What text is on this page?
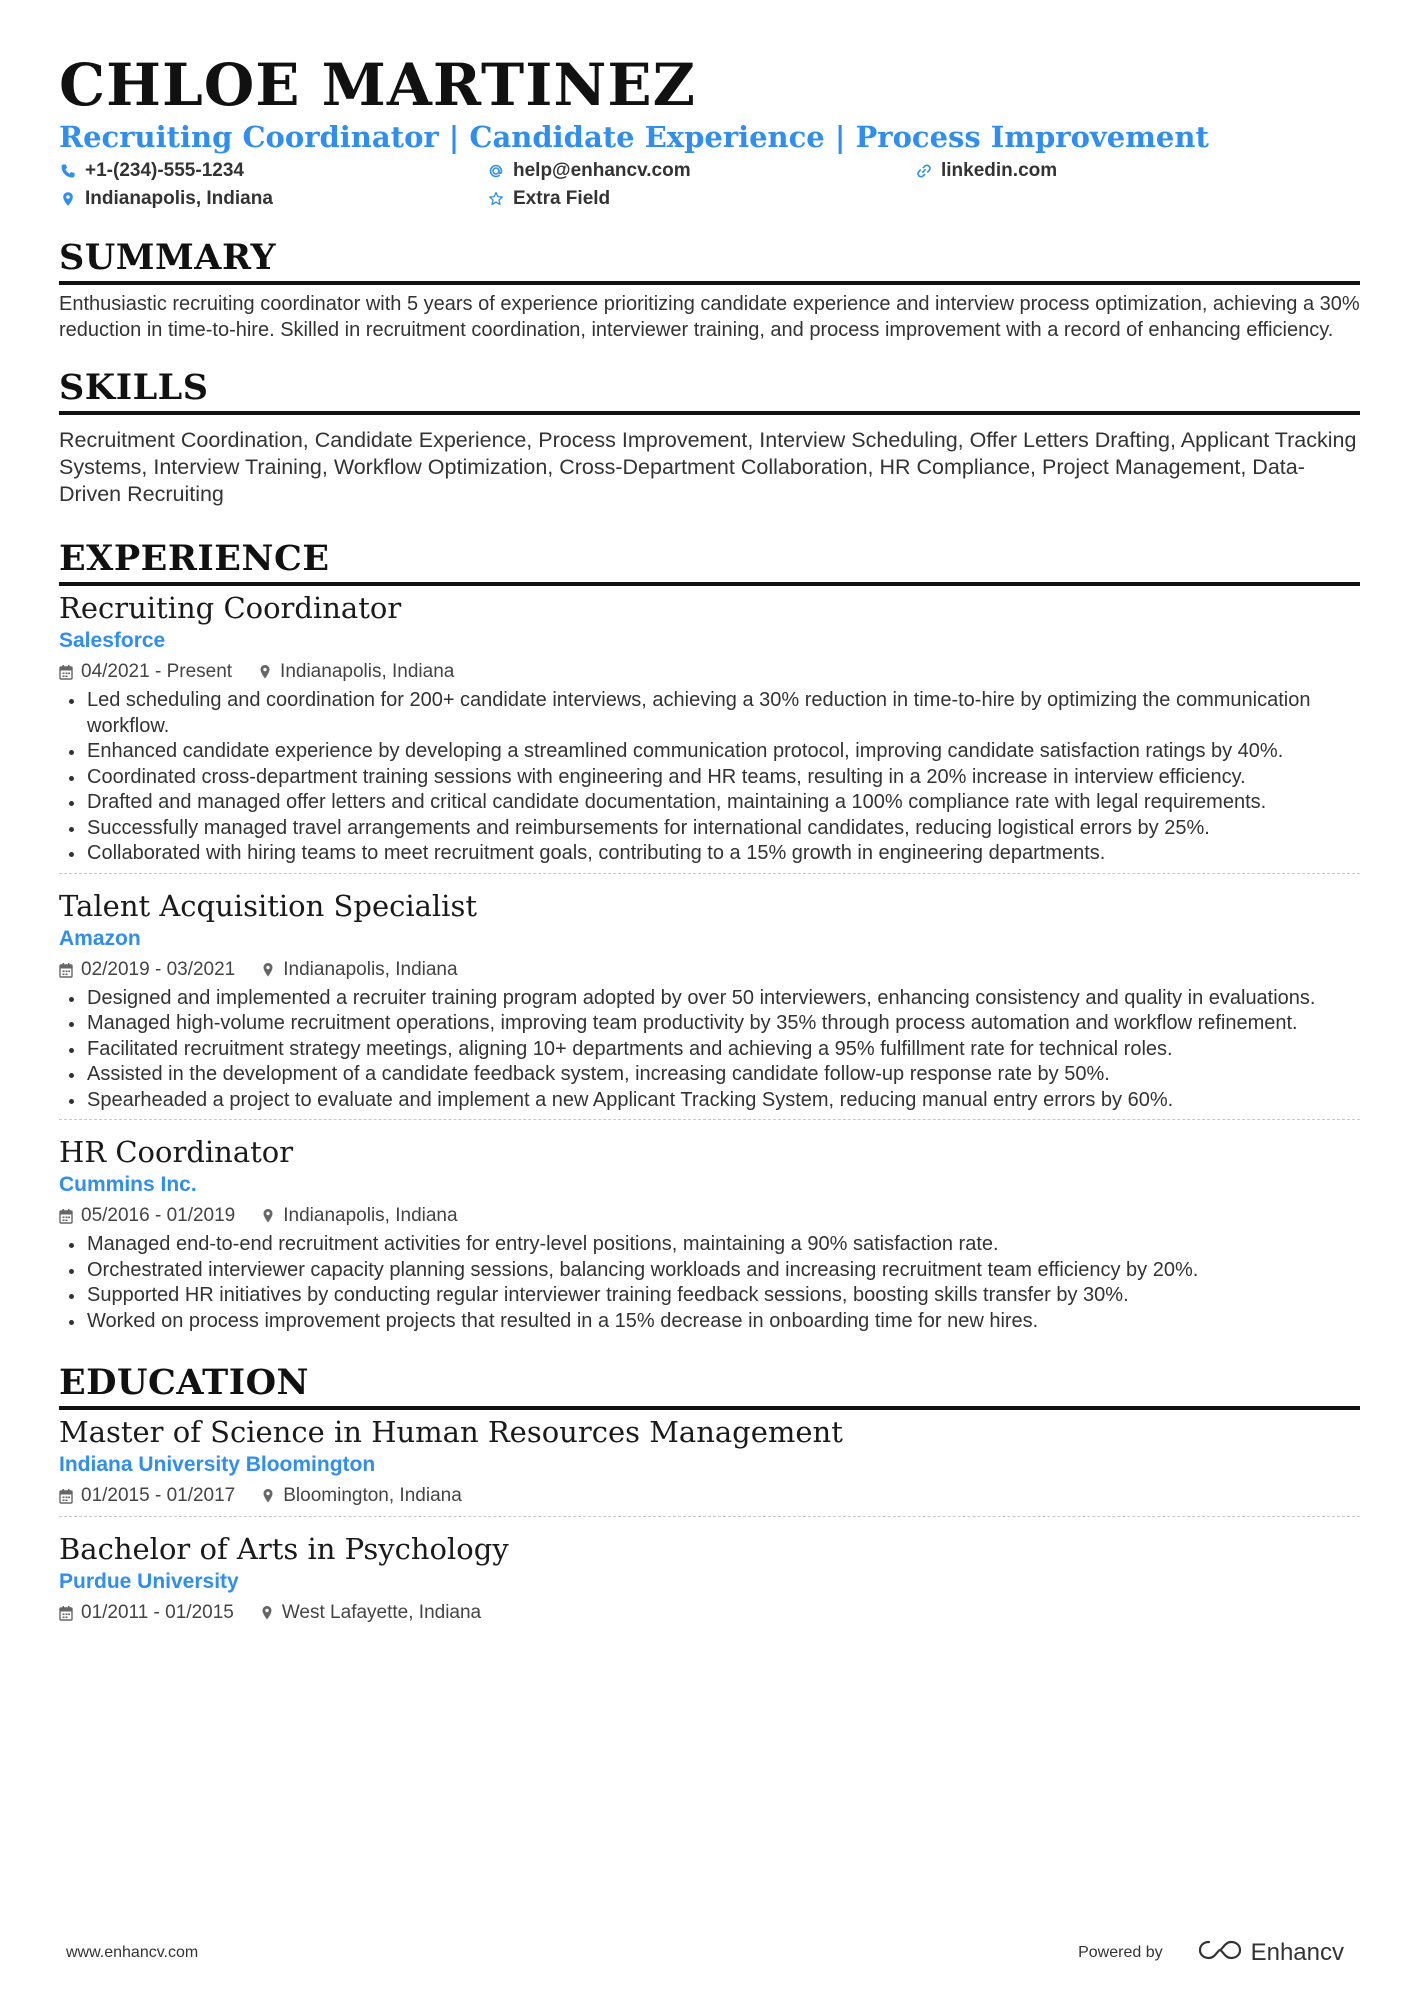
CHLOE MARTINEZ
Recruiting Coordinator | Candidate Experience | Process Improvement
+1-(234)-555-1234	help@enhancv.com	linkedin.com
Indianapolis, Indiana	Extra Field
SUMMARY
Enthusiastic recruiting coordinator with 5 years of experience prioritizing candidate experience and interview process optimization, achieving a 30% reduction in time-to-hire. Skilled in recruitment coordination, interviewer training, and process improvement with a record of enhancing efficiency.
SKILLS
Recruitment Coordination, Candidate Experience, Process Improvement, Interview Scheduling, Offer Letters Drafting, Applicant Tracking Systems, Interview Training, Workflow Optimization, Cross-Department Collaboration, HR Compliance, Project Management, Data-Driven Recruiting
EXPERIENCE
Recruiting Coordinator
Salesforce
04/2021 - Present	Indianapolis, Indiana
Led scheduling and coordination for 200+ candidate interviews, achieving a 30% reduction in time-to-hire by optimizing the communication workflow.
Enhanced candidate experience by developing a streamlined communication protocol, improving candidate satisfaction ratings by 40%.
Coordinated cross-department training sessions with engineering and HR teams, resulting in a 20% increase in interview efficiency.
Drafted and managed offer letters and critical candidate documentation, maintaining a 100% compliance rate with legal requirements.
Successfully managed travel arrangements and reimbursements for international candidates, reducing logistical errors by 25%.
Collaborated with hiring teams to meet recruitment goals, contributing to a 15% growth in engineering departments.
Talent Acquisition Specialist
Amazon
02/2019 - 03/2021	Indianapolis, Indiana
Designed and implemented a recruiter training program adopted by over 50 interviewers, enhancing consistency and quality in evaluations.
Managed high-volume recruitment operations, improving team productivity by 35% through process automation and workflow refinement.
Facilitated recruitment strategy meetings, aligning 10+ departments and achieving a 95% fulfillment rate for technical roles.
Assisted in the development of a candidate feedback system, increasing candidate follow-up response rate by 50%.
Spearheaded a project to evaluate and implement a new Applicant Tracking System, reducing manual entry errors by 60%.
HR Coordinator
Cummins Inc.
05/2016 - 01/2019	Indianapolis, Indiana
Managed end-to-end recruitment activities for entry-level positions, maintaining a 90% satisfaction rate.
Orchestrated interviewer capacity planning sessions, balancing workloads and increasing recruitment team efficiency by 20%.
Supported HR initiatives by conducting regular interviewer training feedback sessions, boosting skills transfer by 30%.
Worked on process improvement projects that resulted in a 15% decrease in onboarding time for new hires.
EDUCATION
Master of Science in Human Resources Management
Indiana University Bloomington
01/2015 - 01/2017	Bloomington, Indiana
Bachelor of Arts in Psychology
Purdue University
01/2011 - 01/2015	West Lafayette, Indiana
www.enhancv.com	Powered by	Enhancv
